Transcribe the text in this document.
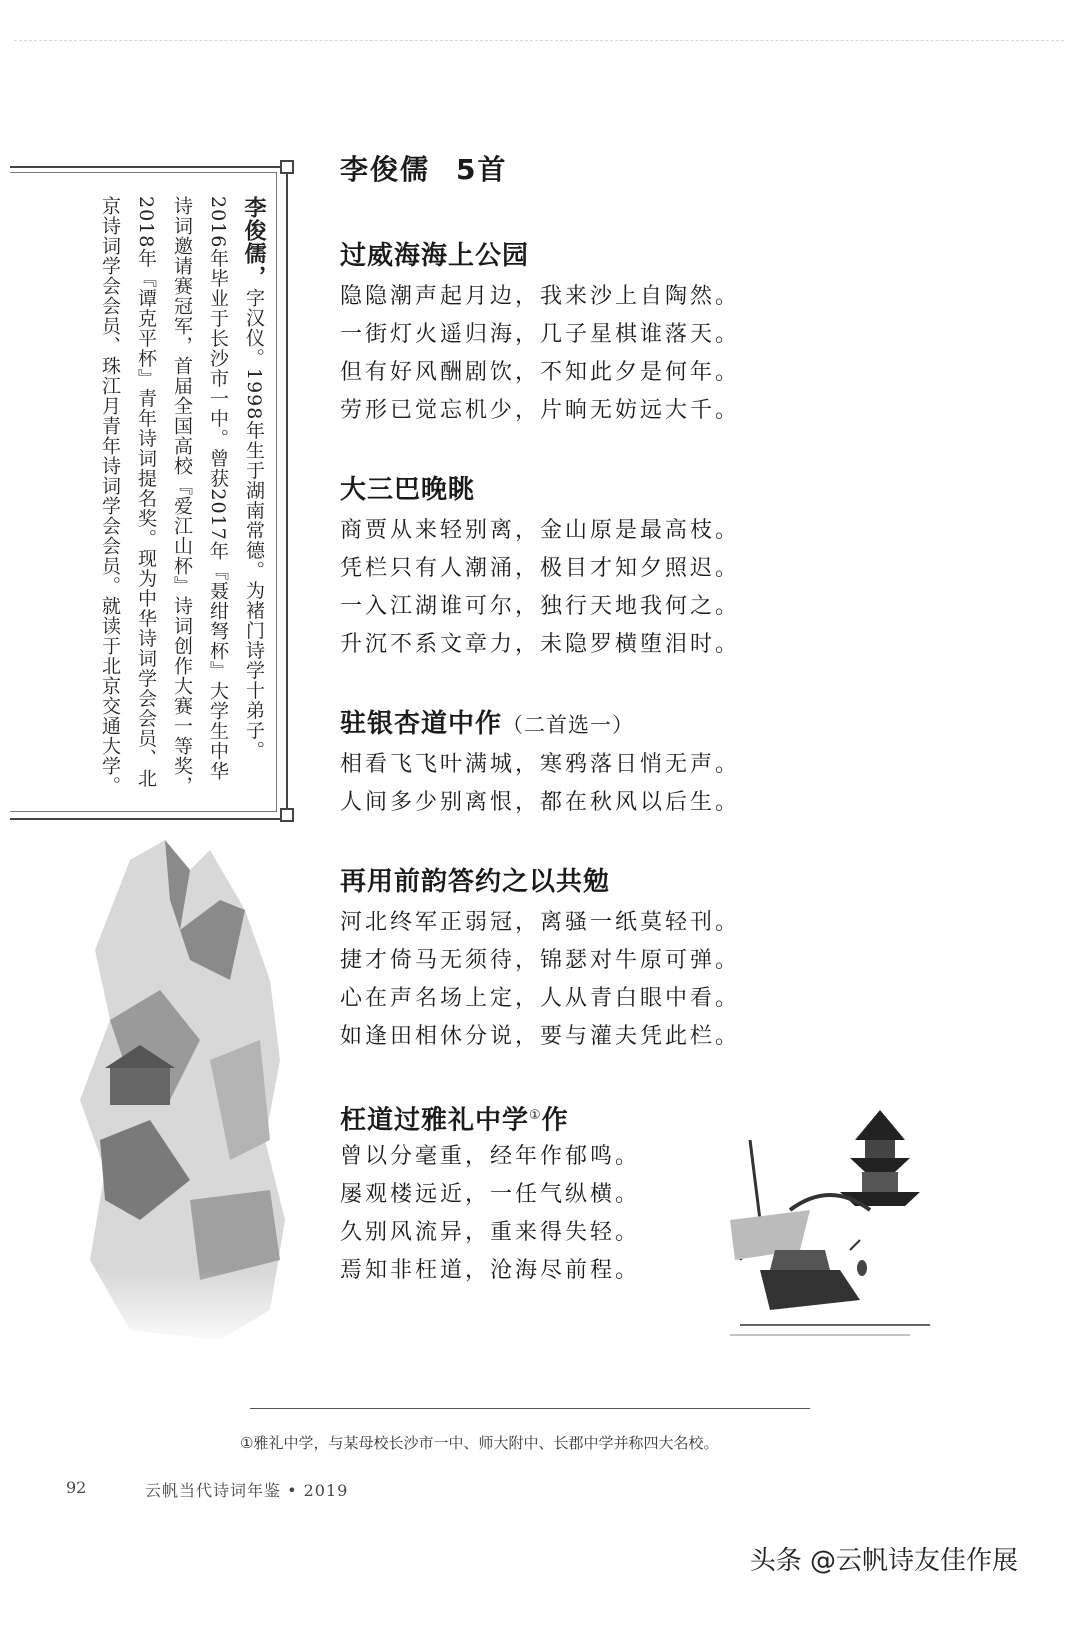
李俊儒，字汉仪。1998年生于湖南常德。为褚门诗学十弟子。2016年毕业于长沙市一中。曾获2017年『聂绀弩杯』大学生中华诗词邀请赛冠军，首届全国高校『爱江山杯』诗词创作大赛一等奖，2018年『谭克平杯』青年诗词提名奖。现为中华诗词学会会员、北京诗词学会会员、珠江月青年诗词学会会员。就读于北京交通大学。
李俊儒 5首
过威海海上公园
隐隐潮声起月边，我来沙上自陶然。
一街灯火遥归海，几子星棋谁落天。
但有好风酬剧饮，不知此夕是何年。
劳形已觉忘机少，片晌无妨远大千。
大三巴晚眺
商贾从来轻别离，金山原是最高枝。
凭栏只有人潮涌，极目才知夕照迟。
一入江湖谁可尔，独行天地我何之。
升沉不系文章力，未隐罗横堕泪时。
驻银杏道中作（二首选一）
相看飞飞叶满城，寒鸦落日悄无声。
人间多少别离恨，都在秋风以后生。
再用前韵答约之以共勉
河北终军正弱冠，离骚一纸莫轻刊。
捷才倚马无须待，锦瑟对牛原可弹。
心在声名场上定，人从青白眼中看。
如逢田相休分说，要与灌夫凭此栏。
枉道过雅礼中学①作
曾以分毫重，经年作郁鸣。
屡观楼远近，一任气纵横。
久别风流异，重来得失轻。
焉知非枉道，沧海尽前程。
①雅礼中学，与某母校长沙市一中、师大附中、长郡中学并称四大名校。
92	云帆当代诗词年鉴 • 2019
头条 @云帆诗友佳作展
